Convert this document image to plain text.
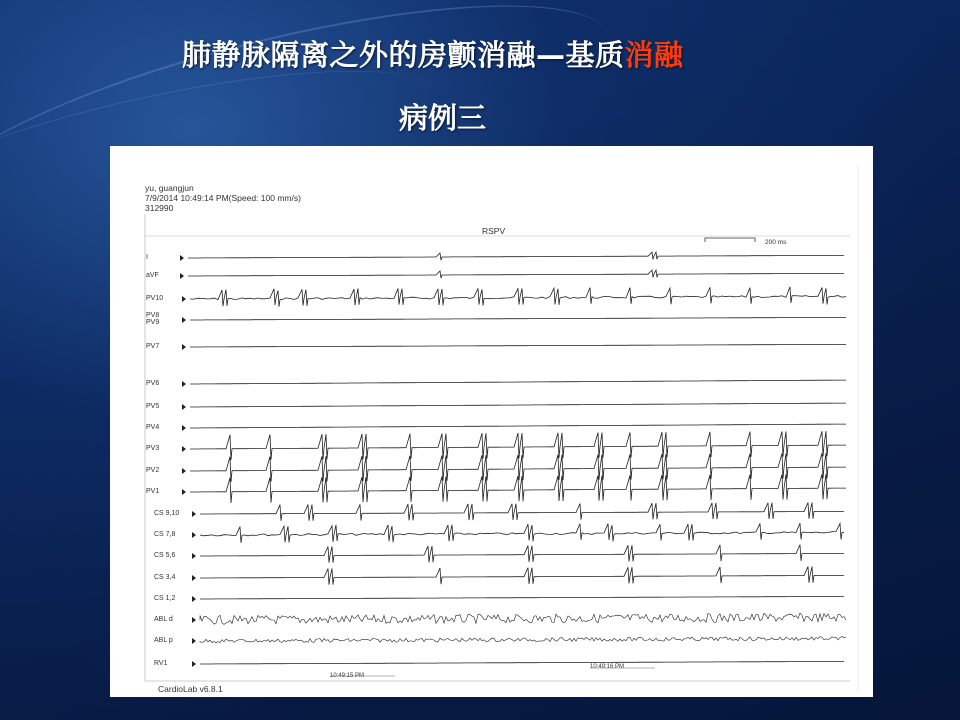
肺静脉隔离之外的房颤消融—基质消融
病例三
yu, guangjun
7/9/2014 10:49:14 PM(Speed: 100 mm/s)
312990
RSPV
200 ms
10:49:15 PM
10:49:16 PM
CardioLab v6.8.1
I
aVF
PV10
PV8
PV9
PV7
PV6
PV5
PV4
PV3
PV2
PV1
CS 9,10
CS 7,8
CS 5,6
CS 3,4
CS 1,2
ABL d
ABL p
RV1
